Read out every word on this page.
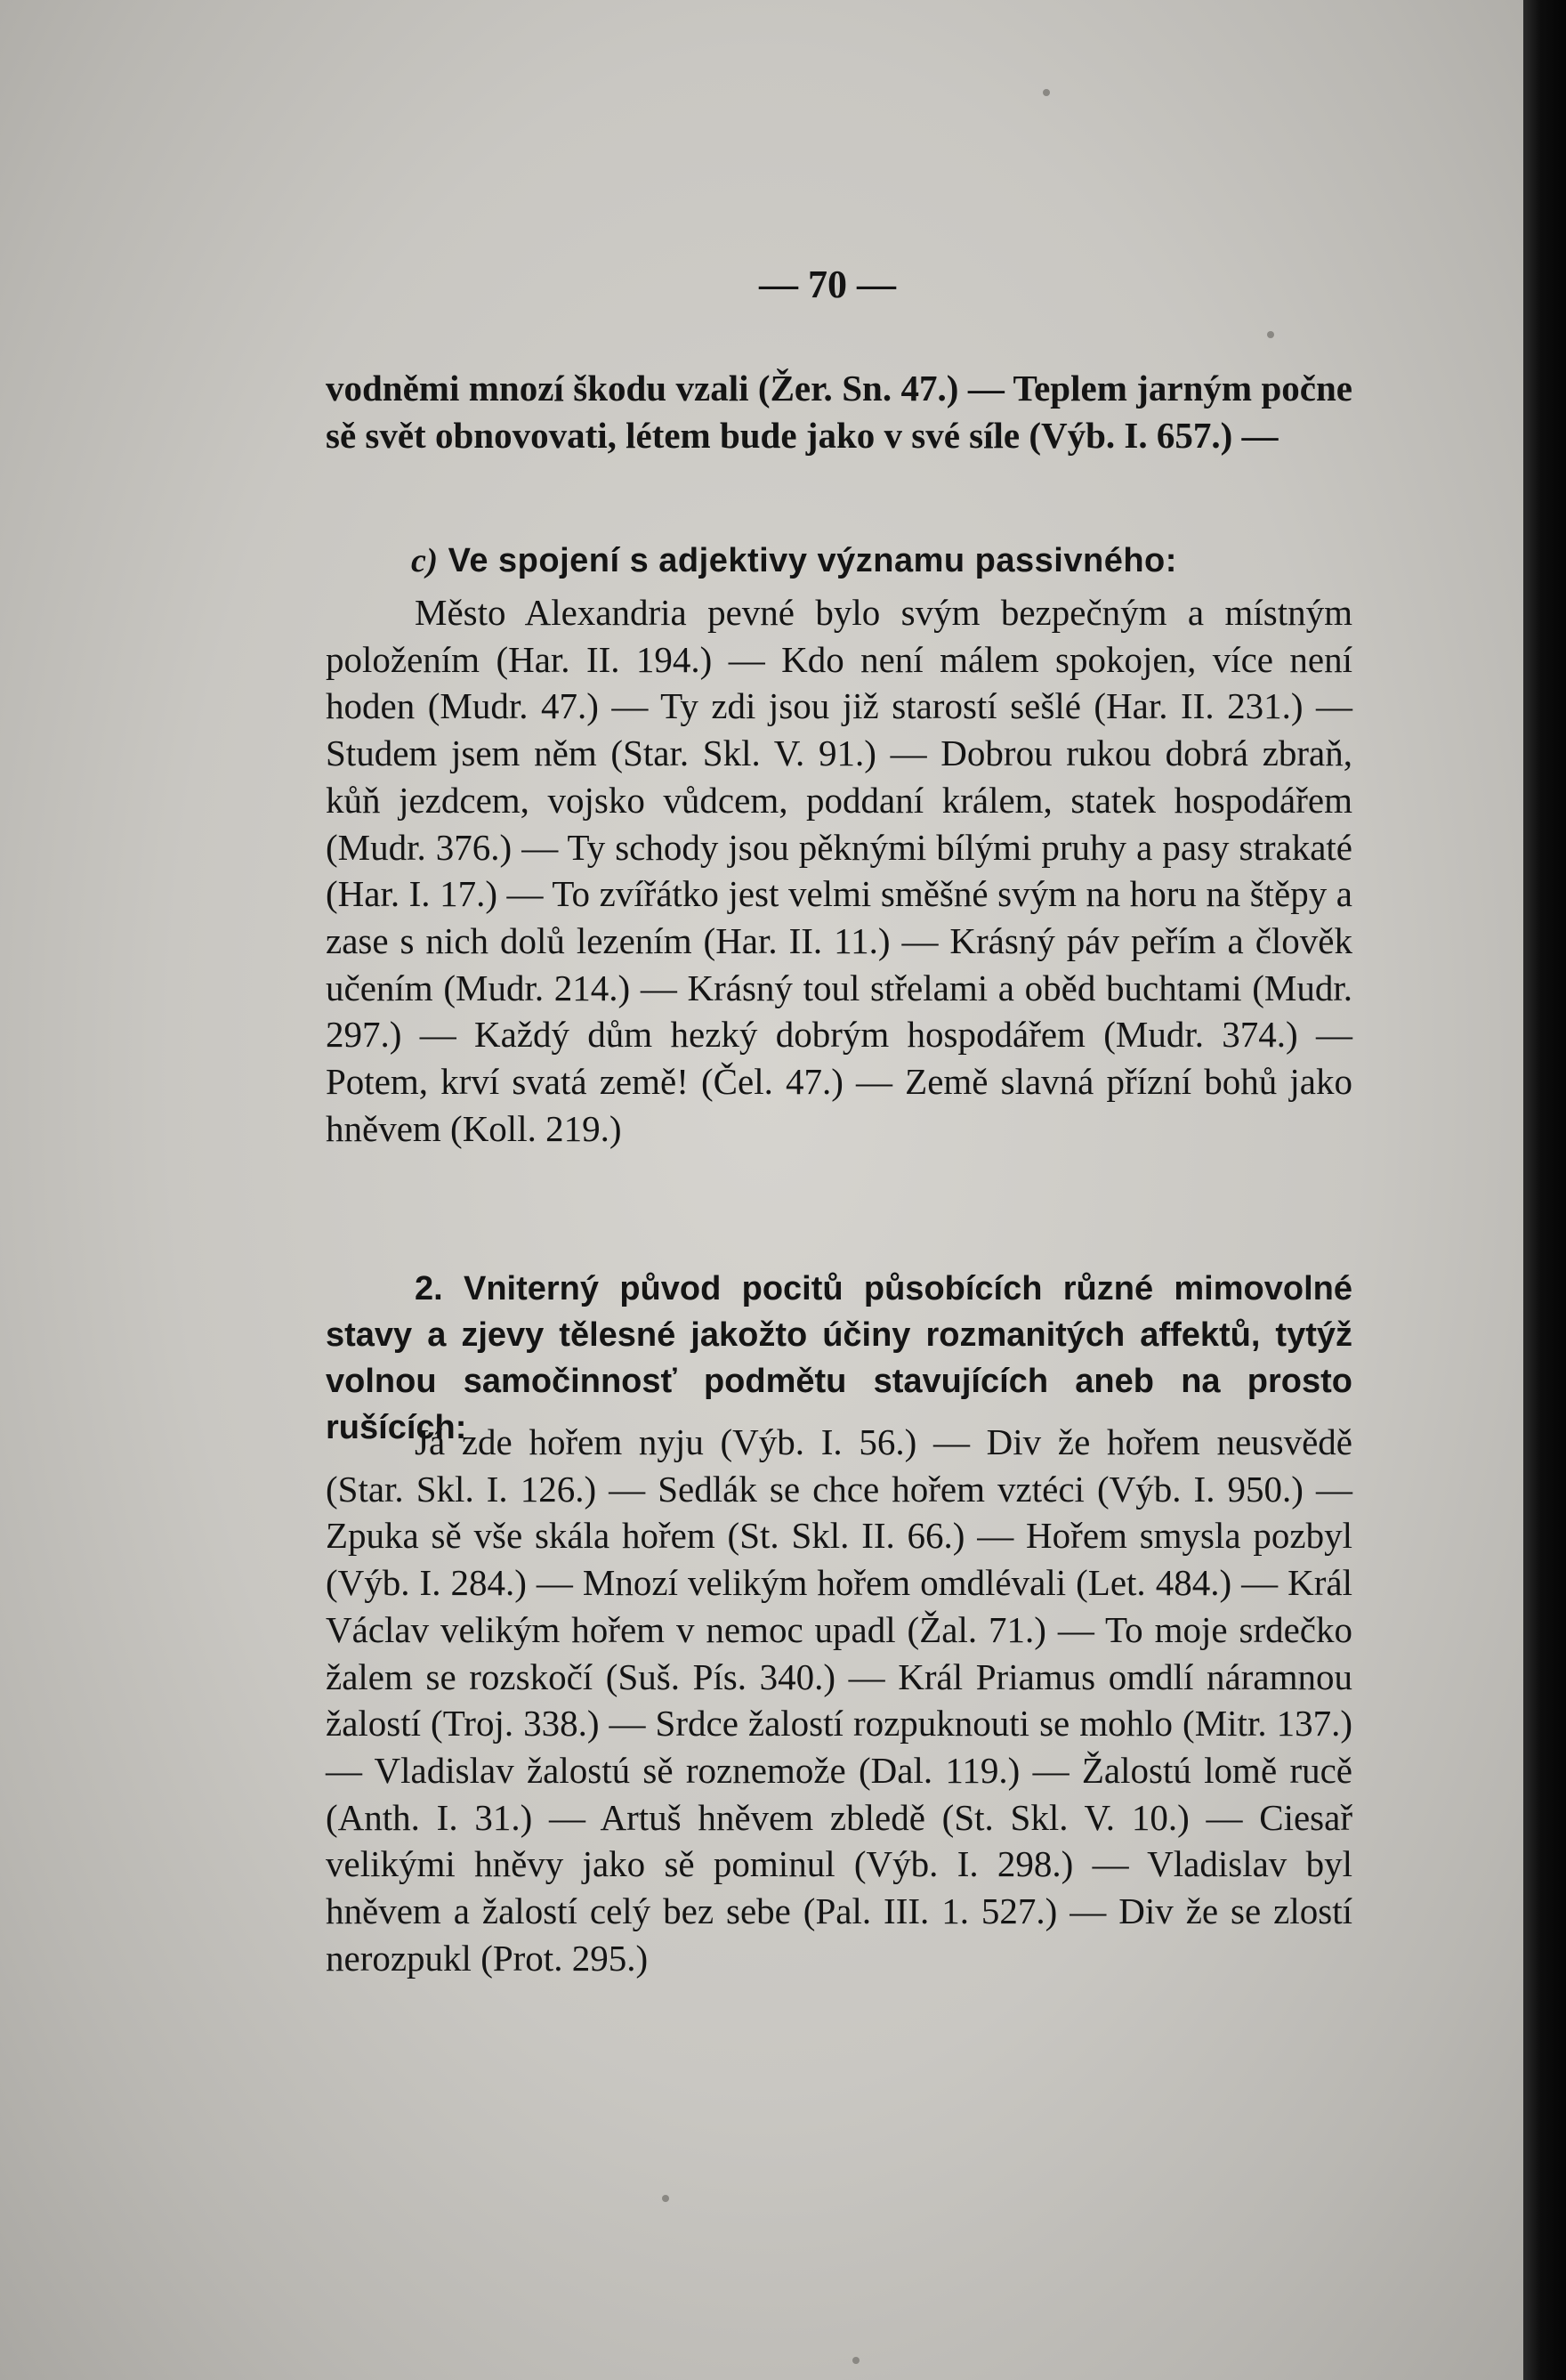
— 70 —

vodněmi mnozí škodu vzali (Žer. Sn. 47.) — Teplem jarným počne sě svět obnovovati, létem bude jako v své síle (Výb. I. 657.) —

c) Ve spojení s adjektivy významu passivného:

Město Alexandria pevné bylo svým bezpečným a místným položením (Har. II. 194.) — Kdo není málem spokojen, více není hoden (Mudr. 47.) — Ty zdi jsou již starostí sešlé (Har. II. 231.) — Studem jsem něm (Star. Skl. V. 91.) — Dobrou rukou dobrá zbraň, kůň jezdcem, vojsko vůdcem, poddaní králem, statek hospodářem (Mudr. 376.) — Ty schody jsou pěknými bílými pruhy a pasy strakaté (Har. I. 17.) — To zvířátko jest velmi směšné svým na horu na štěpy a zase s nich dolů lezením (Har. II. 11.) — Krásný páv peřím a člověk učením (Mudr. 214.) — Krásný toul střelami a oběd buchtami (Mudr. 297.) — Každý dům hezký dobrým hospodářem (Mudr. 374.) — Potem, krví svatá země! (Čel. 47.) — Země slavná přízní bohů jako hněvem (Koll. 219.)

2. Vniterný původ pocitů působících různé mimovolné stavy a zjevy tělesné jakožto účiny rozmanitých affektů, tytýž volnou samočinnosť podmětu stavujících aneb na prosto rušících:

Já zde hořem nyju (Výb. I. 56.) — Div že hořem neusvědě (Star. Skl. I. 126.) — Sedlák se chce hořem vztéci (Výb. I. 950.) — Zpuka sě vše skála hořem (St. Skl. II. 66.) — Hořem smysla pozbyl (Výb. I. 284.) — Mnozí velikým hořem omdlévali (Let. 484.) — Král Václav velikým hořem v nemoc upadl (Žal. 71.) — To moje srdečko žalem se rozskočí (Suš. Pís. 340.) — Král Priamus omdlí náramnou žalostí (Troj. 338.) — Srdce žalostí rozpuknouti se mohlo (Mitr. 137.) — Vladislav žalostú sě roznemože (Dal. 119.) — Žalostú lomě rucě (Anth. I. 31.) — Artuš hněvem zbledě (St. Skl. V. 10.) — Ciesař velikými hněvy jako sě pominul (Výb. I. 298.) — Vladislav byl hněvem a žalostí celý bez sebe (Pal. III. 1. 527.) — Div že se zlostí nerozpukl (Prot. 295.)
